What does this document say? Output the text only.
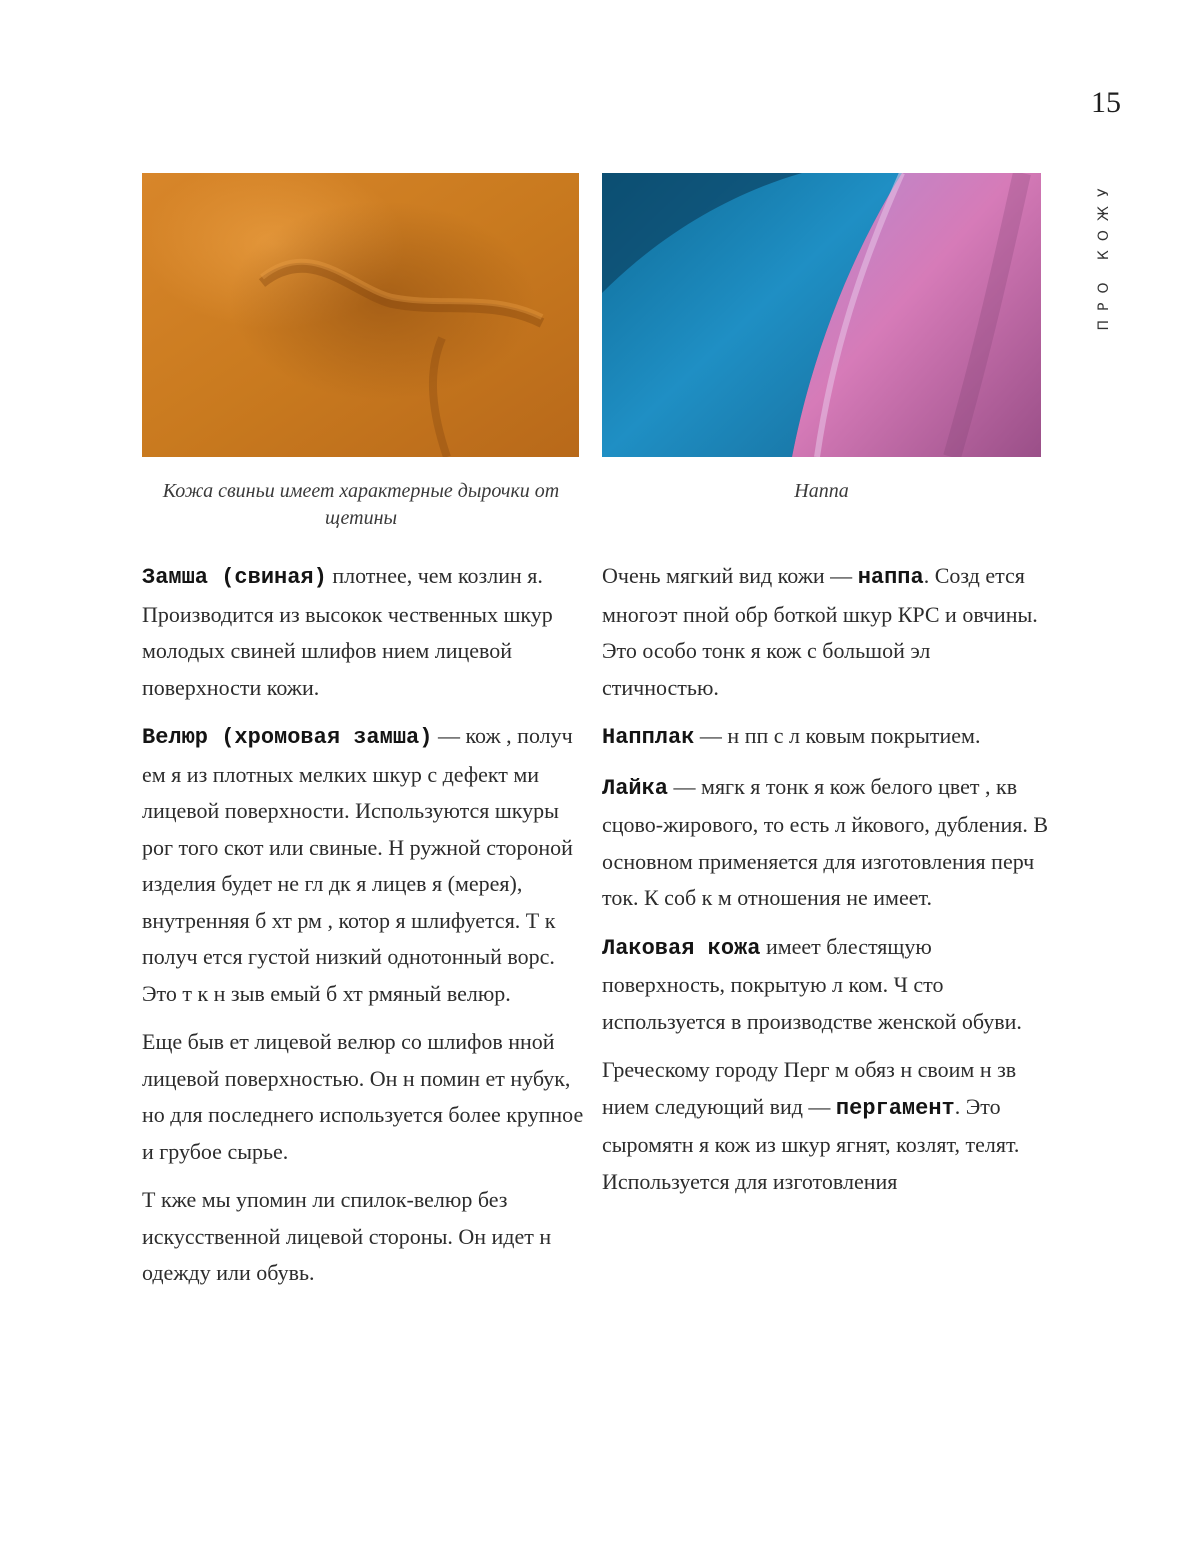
15
ПРО КОЖУ
Кожа свиньи имеет характерные дырочки от щетины
Наппа

Замша (свиная) плотнее, чем козлин я. Производится из высокок чественных шкур молодых свиней шлифов нием лицевой поверхности кожи.

Велюр (хромовая замша) — кож , получ ем я из плотных мелких шкур с дефект ми лицевой поверхности. Используются шкуры рог того скот или свиные. Н ружной стороной изделия будет не гл дк я лицев я (мерея), внутренняя б хт рм , котор я шлифуется. Т к получ ется густой низкий однотонный ворс. Это т к н зыв емый б хт рмяный велюр.

Еще быв ет лицевой велюр со шлифов нной лицевой поверхностью. Он н помин ет нубук, но для последнего используется более крупное и грубое сырье.

Т кже мы упомин ли спилок-велюр без искусственной лицевой стороны. Он идет н одежду или обувь.

Очень мягкий вид кожи — наппа. Созд ется многоэт пной обр боткой шкур КРС и овчины. Это особо тонк я кож с большой эл стичностью.

Напплак — н пп с л ковым покрытием.

Лайка — мягк я тонк я кож белого цвет , кв сцово-жирового, то есть л йкового, дубления. В основном применяется для изготовления перч ток. К соб к м отношения не имеет.

Лаковая кожа имеет блестящую поверхность, покрытую л ком. Ч сто используется в производстве женской обуви.

Греческому городу Перг м обяз н своим н зв нием следующий вид — пергамент. Это сыромятн я кож из шкур ягнят, козлят, телят. Используется для изготовления
